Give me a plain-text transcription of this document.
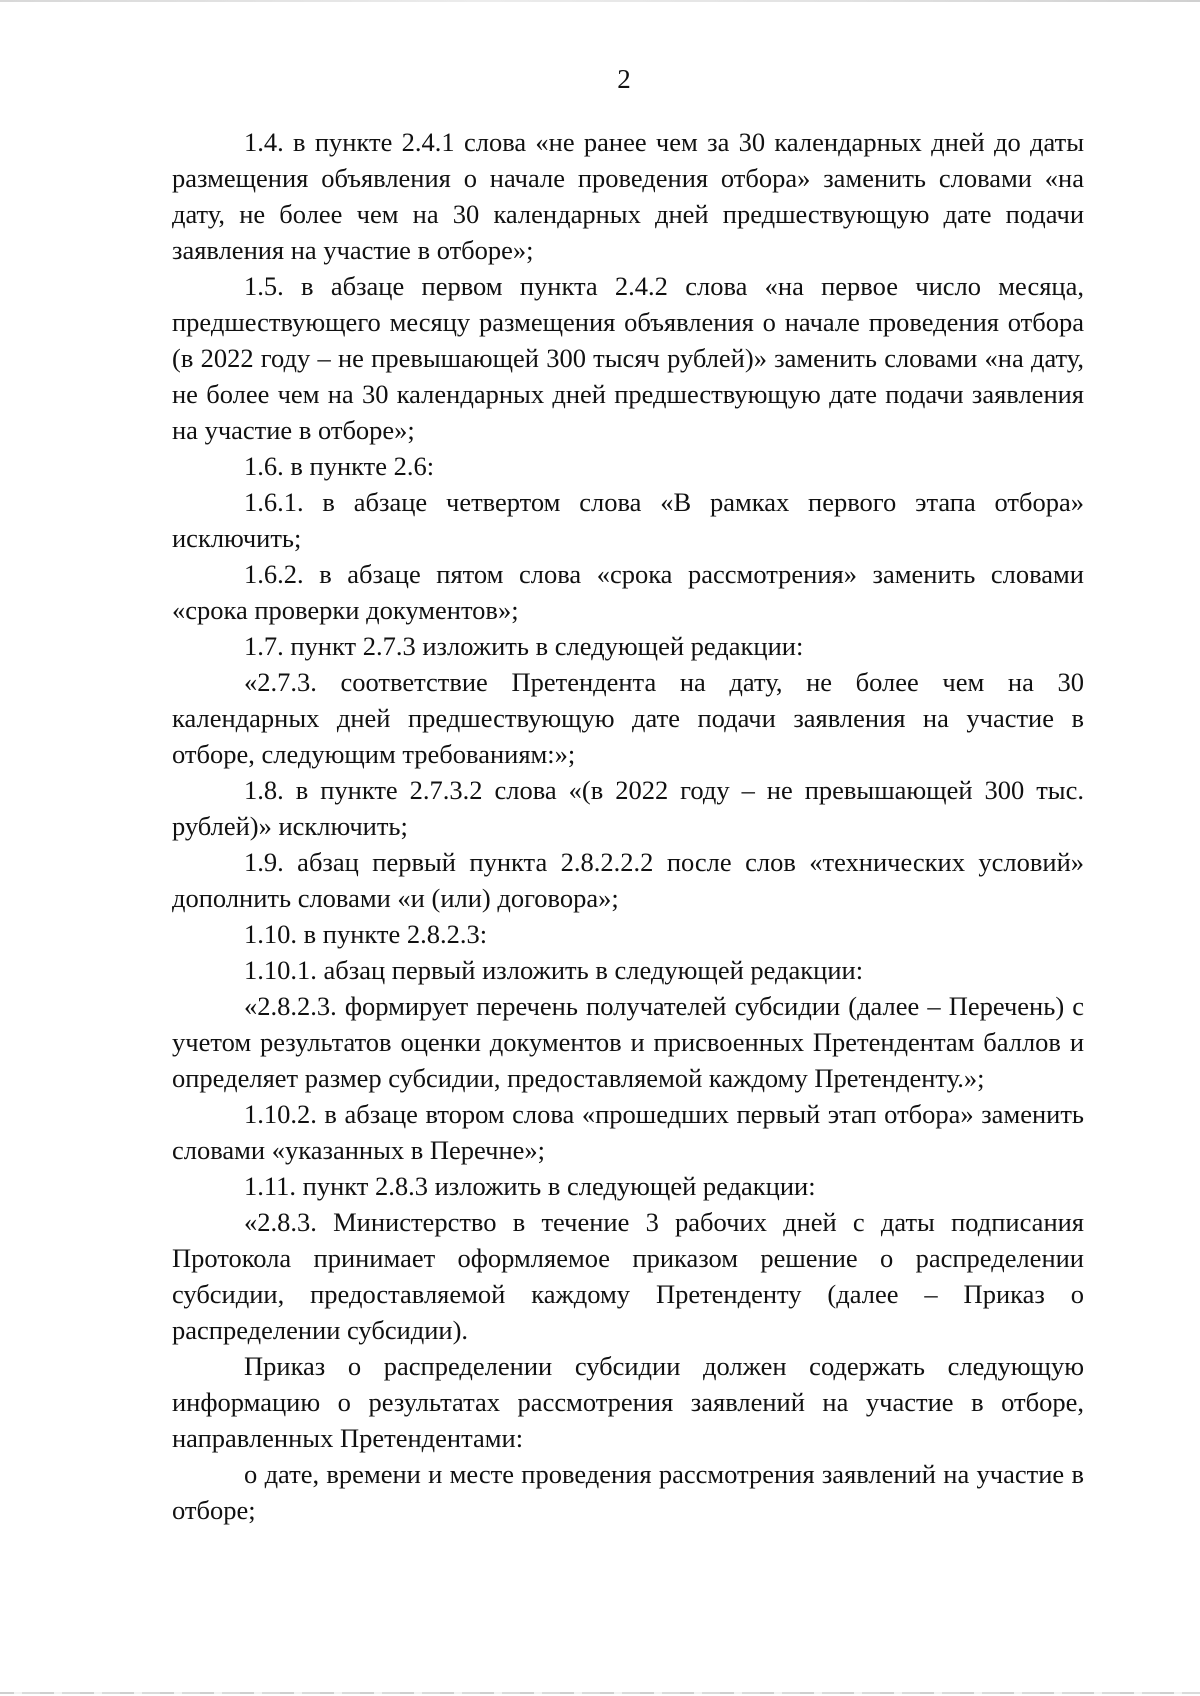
2

1.4. в пункте 2.4.1 слова «не ранее чем за 30 календарных дней до даты размещения объявления о начале проведения отбора» заменить словами «на дату, не более чем на 30 календарных дней предшествующую дате подачи заявления на участие в отборе»;

1.5. в абзаце первом пункта 2.4.2 слова «на первое число месяца, предшествующего месяцу размещения объявления о начале проведения отбора (в 2022 году – не превышающей 300 тысяч рублей)» заменить словами «на дату, не более чем на 30 календарных дней предшествующую дате подачи заявления на участие в отборе»;

1.6. в пункте 2.6:

1.6.1. в абзаце четвертом слова «В рамках первого этапа отбора» исключить;

1.6.2. в абзаце пятом слова «срока рассмотрения» заменить словами «срока проверки документов»;

1.7. пункт 2.7.3 изложить в следующей редакции:

«2.7.3. соответствие Претендента на дату, не более чем на 30 календарных дней предшествующую дате подачи заявления на участие в отборе, следующим требованиям:»;

1.8. в пункте 2.7.3.2 слова «(в 2022 году – не превышающей 300 тыс. рублей)» исключить;

1.9. абзац первый пункта 2.8.2.2.2 после слов «технических условий» дополнить словами «и (или) договора»;

1.10. в пункте 2.8.2.3:

1.10.1. абзац первый изложить в следующей редакции:

«2.8.2.3. формирует перечень получателей субсидии (далее – Перечень) с учетом результатов оценки документов и присвоенных Претендентам баллов и определяет размер субсидии, предоставляемой каждому Претенденту.»;

1.10.2. в абзаце втором слова «прошедших первый этап отбора» заменить словами «указанных в Перечне»;

1.11. пункт 2.8.3 изложить в следующей редакции:

«2.8.3. Министерство в течение 3 рабочих дней с даты подписания Протокола принимает оформляемое приказом решение о распределении субсидии, предоставляемой каждому Претенденту (далее – Приказ о распределении субсидии).

Приказ о распределении субсидии должен содержать следующую информацию о результатах рассмотрения заявлений на участие в отборе, направленных Претендентами:

о дате, времени и месте проведения рассмотрения заявлений на участие в отборе;
